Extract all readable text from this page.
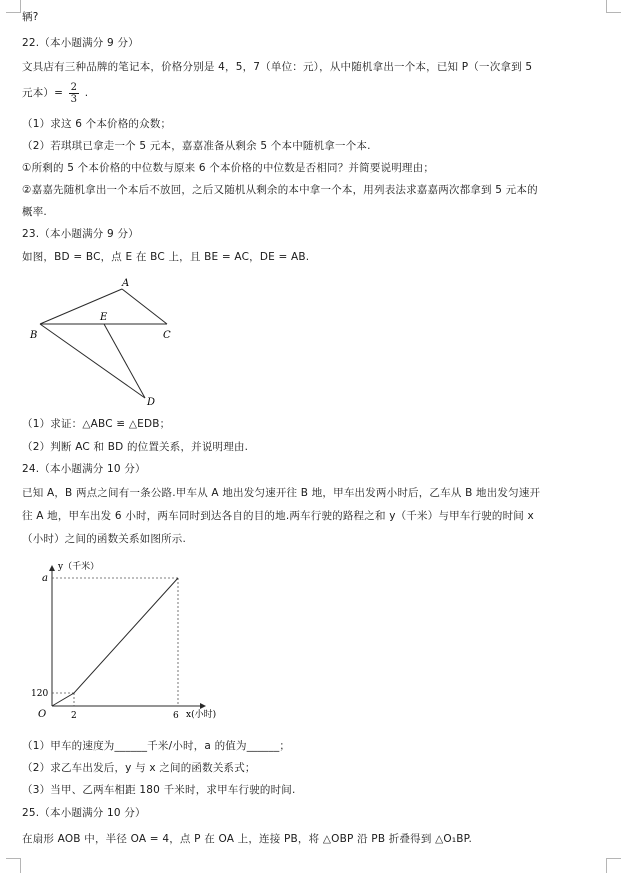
辆?
22.（本小题满分 9 分）
文具店有三种品牌的笔记本，价格分别是 4，5，7（单位：元），从中随机拿出一个本，已知 P（一次拿到 5
元本）= $\frac{2}{3}$ .
（1）求这 6 个本价格的众数；
（2）若琪琪已拿走一个 5 元本，嘉嘉准备从剩余 5 个本中随机拿一个本.
①所剩的 5 个本价格的中位数与原来 6 个本价格的中位数是否相同？并简要说明理由；
②嘉嘉先随机拿出一个本后不放回，之后又随机从剩余的本中拿一个本，用列表法求嘉嘉两次都拿到 5 元本的
概率.
23.（本小题满分 9 分）
如图，BD = BC，点 E 在 BC 上，且 BE = AC，DE = AB.
A
B	C
E
D
（1）求证：△ABC ≌ △EDB；
（2）判断 AC 和 BD 的位置关系，并说明理由.
24.（本小题满分 10 分）
已知 A，B 两点之间有一条公路.甲车从 A 地出发匀速开往 B 地，甲车出发两小时后，乙车从 B 地出发匀速开
往 A 地，甲车出发 6 小时，两车同时到达各自的目的地.两车行驶的路程之和 y（千米）与甲车行驶的时间 x
（小时）之间的函数关系如图所示.
y（千米）
x(小时)
O
a
120
2	6
（1）甲车的速度为______千米/小时，a 的值为______；
（2）求乙车出发后，y 与 x 之间的函数关系式；
（3）当甲、乙两车相距 180 千米时，求甲车行驶的时间.
25.（本小题满分 10 分）
在扇形 AOB 中，半径 OA = 4，点 P 在 OA 上，连接 PB，将 △OBP 沿 PB 折叠得到 △O₁BP.
